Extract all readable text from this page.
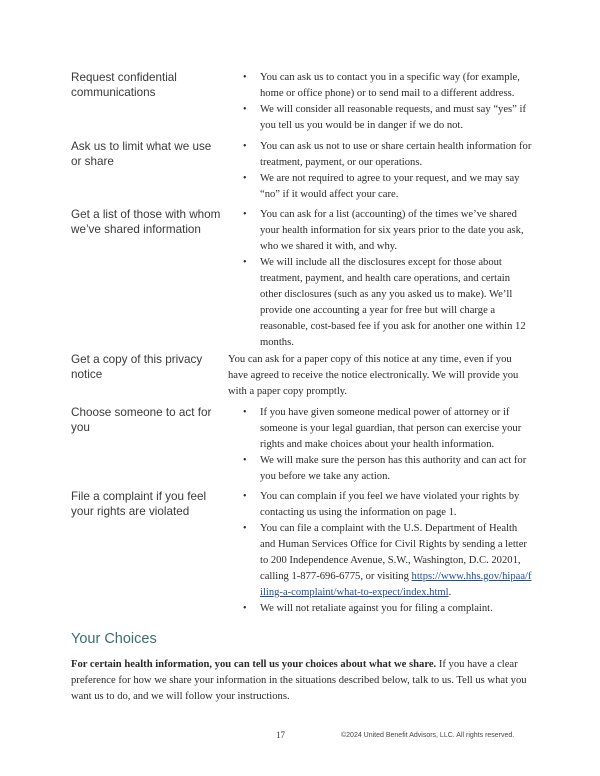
Request confidential communications
• You can ask us to contact you in a specific way (for example, home or office phone) or to send mail to a different address.
• We will consider all reasonable requests, and must say “yes” if you tell us you would be in danger if we do not.
Ask us to limit what we use or share
• You can ask us not to use or share certain health information for treatment, payment, or our operations.
• We are not required to agree to your request, and we may say “no” if it would affect your care.
Get a list of those with whom we’ve shared information
• You can ask for a list (accounting) of the times we’ve shared your health information for six years prior to the date you ask, who we shared it with, and why.
• We will include all the disclosures except for those about treatment, payment, and health care operations, and certain other disclosures (such as any you asked us to make). We’ll provide one accounting a year for free but will charge a reasonable, cost-based fee if you ask for another one within 12 months.
Get a copy of this privacy notice
You can ask for a paper copy of this notice at any time, even if you have agreed to receive the notice electronically. We will provide you with a paper copy promptly.
Choose someone to act for you
• If you have given someone medical power of attorney or if someone is your legal guardian, that person can exercise your rights and make choices about your health information.
• We will make sure the person has this authority and can act for you before we take any action.
File a complaint if you feel your rights are violated
• You can complain if you feel we have violated your rights by contacting us using the information on page 1.
• You can file a complaint with the U.S. Department of Health and Human Services Office for Civil Rights by sending a letter to 200 Independence Avenue, S.W., Washington, D.C. 20201, calling 1-877-696-6775, or visiting https://www.hhs.gov/hipaa/filing-a-complaint/what-to-expect/index.html.
• We will not retaliate against you for filing a complaint.
Your Choices
For certain health information, you can tell us your choices about what we share. If you have a clear preference for how we share your information in the situations described below, talk to us. Tell us what you want us to do, and we will follow your instructions.
17	©2024 United Benefit Advisors, LLC. All rights reserved.
